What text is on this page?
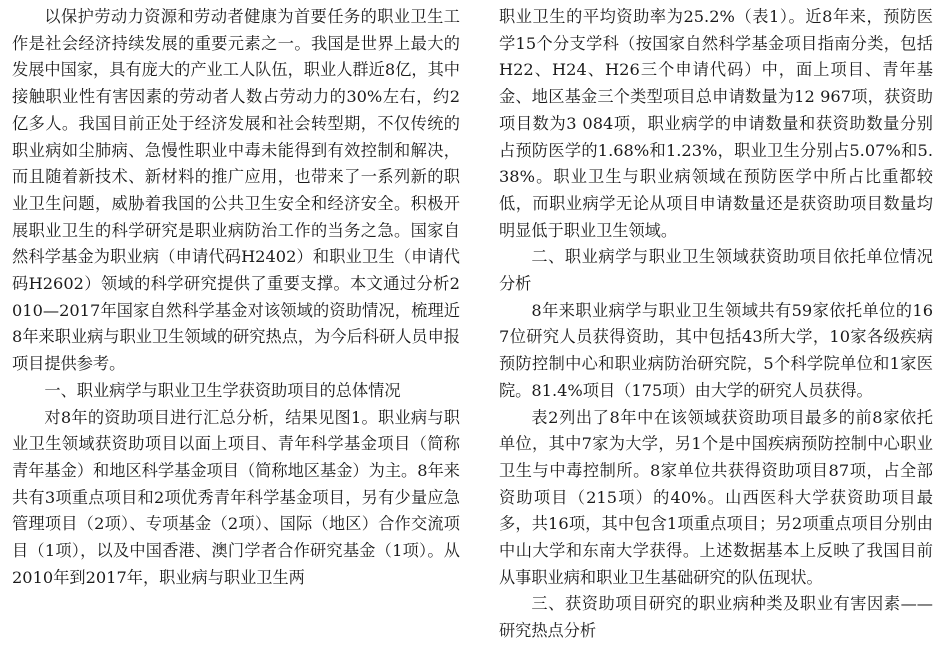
以保护劳动力资源和劳动者健康为首要任务的职业卫生工作是社会经济持续发展的重要元素之一。我国是世界上最大的发展中国家，具有庞大的产业工人队伍，职业人群近8亿，其中接触职业性有害因素的劳动者人数占劳动力的30%左右，约2亿多人。我国目前正处于经济发展和社会转型期，不仅传统的职业病如尘肺病、急慢性职业中毒未能得到有效控制和解决，而且随着新技术、新材料的推广应用，也带来了一系列新的职业卫生问题，威胁着我国的公共卫生安全和经济安全。积极开展职业卫生的科学研究是职业病防治工作的当务之急。国家自然科学基金为职业病（申请代码H2402）和职业卫生（申请代码H2602）领域的科学研究提供了重要支撑。本文通过分析2010—2017年国家自然科学基金对该领域的资助情况，梳理近8年来职业病与职业卫生领域的研究热点，为今后科研人员申报项目提供参考。

一、职业病学与职业卫生学获资助项目的总体情况

对8年的资助项目进行汇总分析，结果见图1。职业病与职业卫生领域获资助项目以面上项目、青年科学基金项目（简称青年基金）和地区科学基金项目（简称地区基金）为主。8年来共有3项重点项目和2项优秀青年科学基金项目，另有少量应急管理项目（2项）、专项基金（2项）、国际（地区）合作交流项目（1项），以及中国香港、澳门学者合作研究基金（1项）。从2010年到2017年，职业病与职业卫生两

职业卫生的平均资助率为25.2%（表1）。近8年来，预防医学15个分支学科（按国家自然科学基金项目指南分类，包括H22、H24、H26三个申请代码）中，面上项目、青年基金、地区基金三个类型项目总申请数量为12 967项，获资助项目数为3 084项，职业病学的申请数量和获资助数量分别占预防医学的1.68%和1.23%，职业卫生分别占5.07%和5.38%。职业卫生与职业病领域在预防医学中所占比重都较低，而职业病学无论从项目申请数量还是获资助项目数量均明显低于职业卫生领域。

二、职业病学与职业卫生领域获资助项目依托单位情况分析

8年来职业病学与职业卫生领域共有59家依托单位的167位研究人员获得资助，其中包括43所大学，10家各级疾病预防控制中心和职业病防治研究院，5个科学院单位和1家医院。81.4%项目（175项）由大学的研究人员获得。

表2列出了8年中在该领域获资助项目最多的前8家依托单位，其中7家为大学，另1个是中国疾病预防控制中心职业卫生与中毒控制所。8家单位共获得资助项目87项，占全部资助项目（215项）的40%。山西医科大学获资助项目最多，共16项，其中包含1项重点项目；另2项重点项目分别由中山大学和东南大学获得。上述数据基本上反映了我国目前从事职业病和职业卫生基础研究的队伍现状。

三、获资助项目研究的职业病种类及职业有害因素——研究热点分析
